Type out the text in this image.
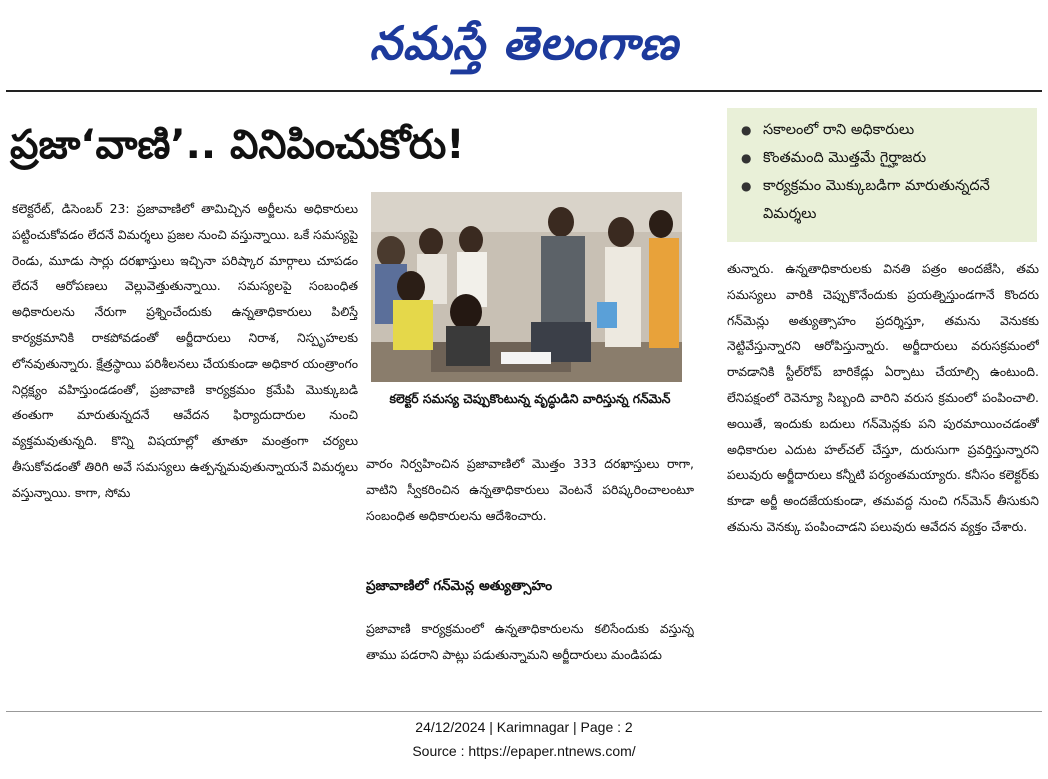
నమస్తే తెలంగాణ
ప్రజా‘వాణి’.. వినిపించుకోరు!	● సకాలంలో రాని అధికారులు
● కొంతమంది మొత్తమే గైర్హాజరు
● కార్యక్రమం మొక్కుబడిగా మారుతున్నదనే విమర్శలు

కలెక్టరేట్, డిసెంబర్ 23: ప్రజావాణిలో తామిచ్చిన అర్జీలను అధికారులు పట్టించుకోవడం లేదనే విమర్శలు ప్రజల నుంచి వస్తున్నాయి. ఒకే సమస్యపై రెండు, మూడు సార్లు దరఖాస్తులు ఇచ్చినా పరిష్కార మార్గాలు చూపడం లేదనే ఆరోపణలు వెల్లువెత్తుతున్నాయి. సమస్యలపై సంబంధిత అధికారులను నేరుగా ప్రశ్నించేందుకు ఉన్నతాధికారులు పిలిస్తే కార్యక్రమానికి రాకపోవడంతో అర్జీదారులు నిరాశ, నిస్పృహలకు లోనవుతున్నారు. క్షేత్రస్థాయి పరిశీలనలు చేయకుండా అధికార యంత్రాంగం నిర్లక్ష్యం వహిస్తుండడంతో, ప్రజావాణి కార్యక్రమం క్రమేపి మొక్కుబడి తంతుగా మారుతున్నదనే ఆవేదన ఫిర్యాదుదారుల నుంచి వ్యక్తమవుతున్నది. కొన్ని విషయాల్లో తూతూ మంత్రంగా చర్యలు తీసుకోవడంతో తిరిగి అవే సమస్యలు ఉత్పన్నమవుతున్నాయనే విమర్శలు వస్తున్నాయి. కాగా, సోమ

కలెక్టర్ సమస్య చెప్పుకొంటున్న వృద్ధుడిని వారిస్తున్న గన్‌మెన్

వారం నిర్వహించిన ప్రజావాణిలో మొత్తం 333 దరఖాస్తులు రాగా, వాటిని స్వీకరించిన ఉన్నతాధికారులు వెంటనే పరిష్కరించాలంటూ సంబంధిత అధికారులను ఆదేశించారు.

ప్రజావాణిలో గన్‌మెన్ల అత్యుత్సాహం

ప్రజావాణి కార్యక్రమంలో ఉన్నతాధికారులను కలిసేందుకు వస్తున్న తాము పడరాని పాట్లు పడుతున్నామని అర్జీదారులు మండిపడు

తున్నారు. ఉన్నతాధికారులకు వినతి పత్రం అందజేసి, తమ సమస్యలు వారికి చెప్పుకొనేందుకు ప్రయత్నిస్తుండగానే కొందరు గన్‌మెన్లు అత్యుత్సాహం ప్రదర్శిస్తూ, తమను వెనుకకు నెట్టివేస్తున్నారని ఆరోపిస్తున్నారు. అర్జీదారులు వరుసక్రమంలో రావడానికి స్టీల్‌రోప్ బారికేడ్లు ఏర్పాటు చేయాల్సి ఉంటుంది. లేనిపక్షంలో రెవెన్యూ సిబ్బంది వారిని వరుస క్రమంలో పంపించాలి. అయితే, ఇందుకు బదులు గన్‌మెన్లకు పని పురమాయించడంతో అధికారుల ఎదుట హల్‌చల్ చేస్తూ, దురుసుగా ప్రవర్తిస్తున్నారని పలువురు అర్జీదారులు కన్నీటి పర్యంతమయ్యారు. కనీసం కలెక్టర్‌కు కూడా అర్జీ అందజేయకుండా, తమవద్ద నుంచి గన్‌మెన్ తీసుకుని తమను వెనక్కు పంపించాడని పలువురు ఆవేదన వ్యక్తం చేశారు.

24/12/2024 | Karimnagar | Page : 2
Source : https://epaper.ntnews.com/
